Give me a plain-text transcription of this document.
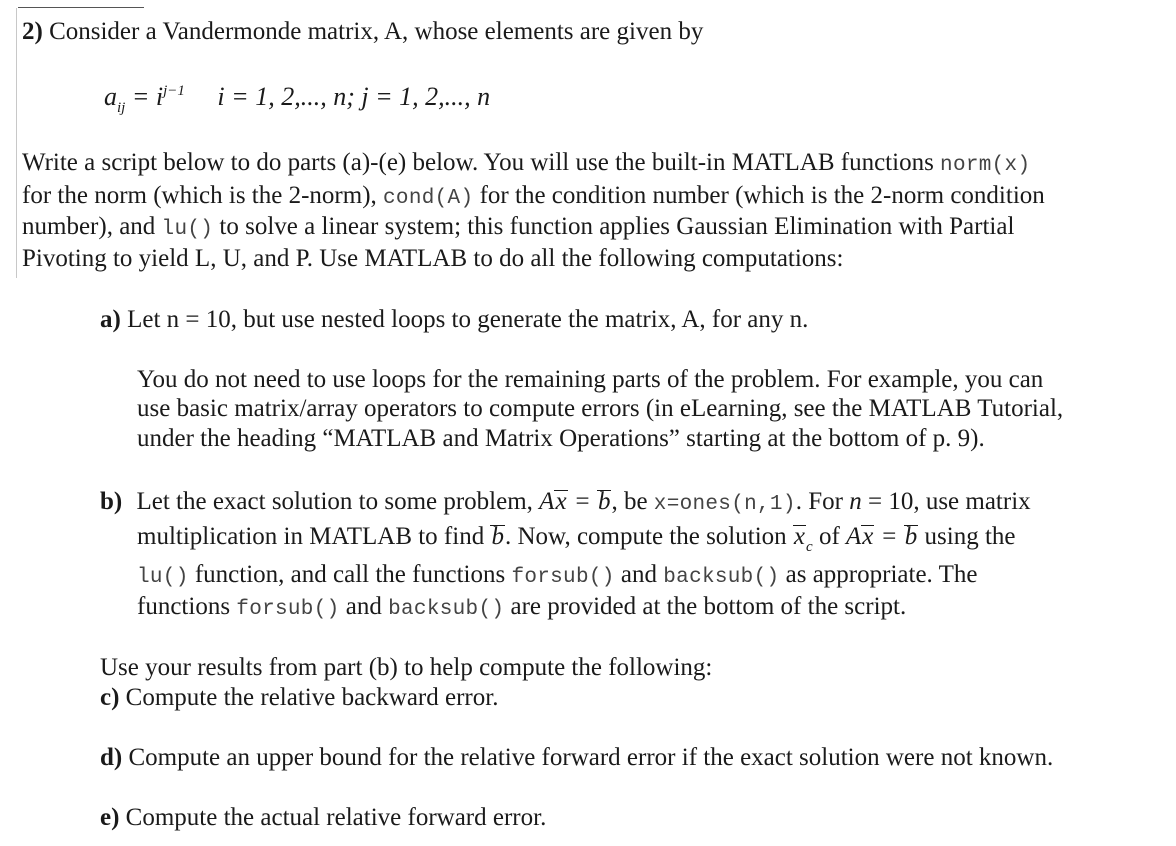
2) Consider a Vandermonde matrix, A, whose elements are given by
$a_{ij} = i^{j-1}$ i = 1, 2,..., n; j = 1, 2,..., n
Write a script below to do parts (a)-(e) below. You will use the built-in MATLAB functions norm(x)
for the norm (which is the 2-norm), cond(A) for the condition number (which is the 2-norm condition
number), and lu() to solve a linear system; this function applies Gaussian Elimination with Partial
Pivoting to yield L, U, and P. Use MATLAB to do all the following computations:
a) Let n = 10, but use nested loops to generate the matrix, A, for any n.
You do not need to use loops for the remaining parts of the problem. For example, you can
use basic matrix/array operators to compute errors (in eLearning, see the MATLAB Tutorial,
under the heading “MATLAB and Matrix Operations” starting at the bottom of p. 9).
b) Let the exact solution to some problem, Ax = b, be x=ones(n,1). For n = 10, use matrix
multiplication in MATLAB to find b. Now, compute the solution $x_c$ of Ax = b using the
lu() function, and call the functions forsub() and backsub() as appropriate. The
functions forsub() and backsub() are provided at the bottom of the script.
Use your results from part (b) to help compute the following:
c) Compute the relative backward error.
d) Compute an upper bound for the relative forward error if the exact solution were not known.
e) Compute the actual relative forward error.
